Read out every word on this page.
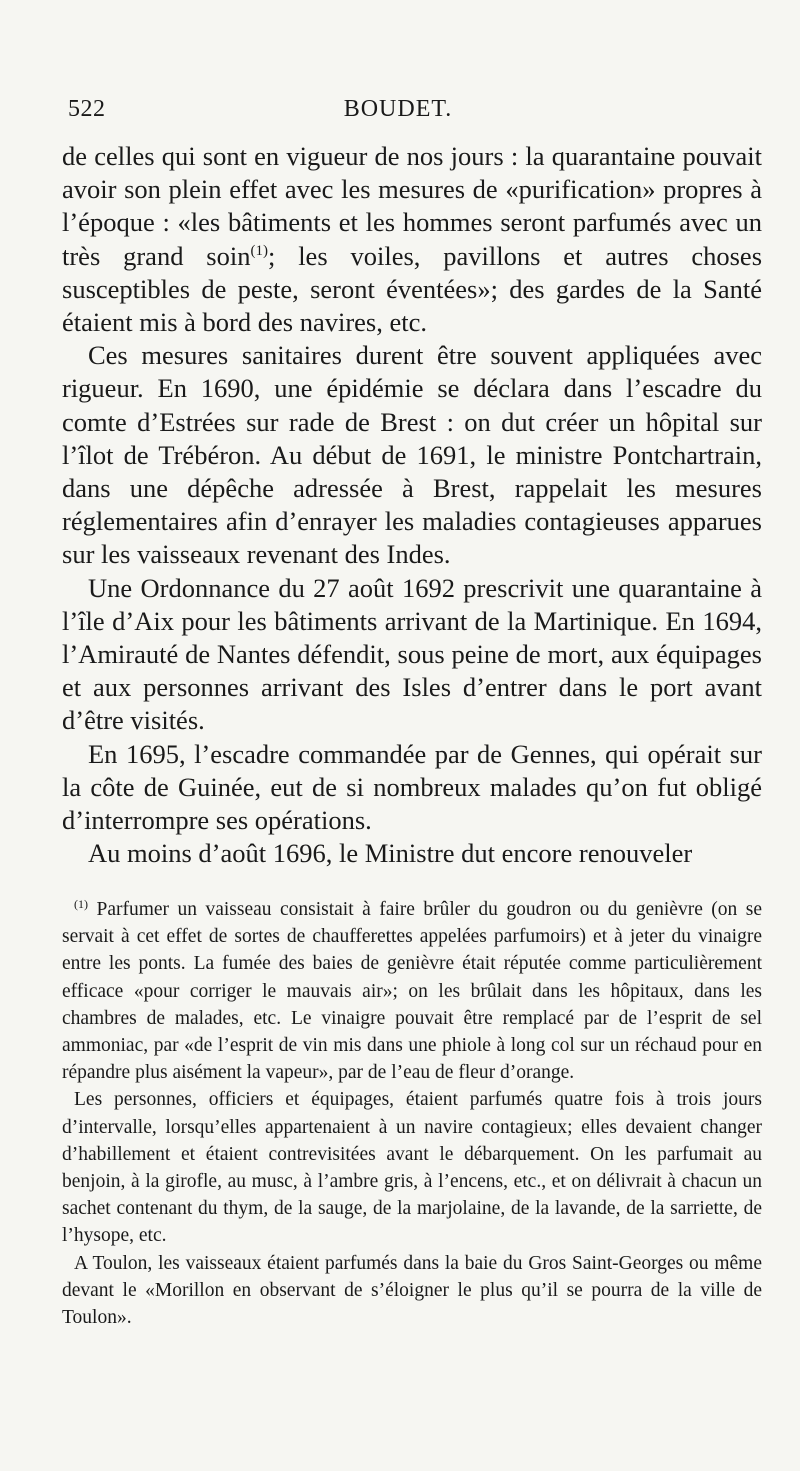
522	BOUDET.

de celles qui sont en vigueur de nos jours : la quarantaine pouvait avoir son plein effet avec les mesures de «purification» propres à l’époque : «les bâtiments et les hommes seront parfumés avec un très grand soin$^{(1)}$; les voiles, pavillons et autres choses susceptibles de peste, seront éventées»; des gardes de la Santé étaient mis à bord des navires, etc.

Ces mesures sanitaires durent être souvent appliquées avec rigueur. En 1690, une épidémie se déclara dans l’escadre du comte d’Estrées sur rade de Brest : on dut créer un hôpital sur l’îlot de Trébéron. Au début de 1691, le ministre Pontchartrain, dans une dépêche adressée à Brest, rappelait les mesures réglementaires afin d’enrayer les maladies contagieuses apparues sur les vaisseaux revenant des Indes.

Une Ordonnance du 27 août 1692 prescrivit une quarantaine à l’île d’Aix pour les bâtiments arrivant de la Martinique. En 1694, l’Amirauté de Nantes défendit, sous peine de mort, aux équipages et aux personnes arrivant des Isles d’entrer dans le port avant d’être visités.

En 1695, l’escadre commandée par de Gennes, qui opérait sur la côte de Guinée, eut de si nombreux malades qu’on fut obligé d’interrompre ses opérations.

Au moins d’août 1696, le Ministre dut encore renouveler

$^{(1)}$ Parfumer un vaisseau consistait à faire brûler du goudron ou du genièvre (on se servait à cet effet de sortes de chaufferettes appelées parfumoirs) et à jeter du vinaigre entre les ponts. La fumée des baies de genièvre était réputée comme particulièrement efficace «pour corriger le mauvais air»; on les brûlait dans les hôpitaux, dans les chambres de malades, etc. Le vinaigre pouvait être remplacé par de l’esprit de sel ammoniac, par «de l’esprit de vin mis dans une phiole à long col sur un réchaud pour en répandre plus aisément la vapeur», par de l’eau de fleur d’orange.

Les personnes, officiers et équipages, étaient parfumés quatre fois à trois jours d’intervalle, lorsqu’elles appartenaient à un navire contagieux; elles devaient changer d’habillement et étaient contrevisitées avant le débarquement. On les parfumait au benjoin, à la girofle, au musc, à l’ambre gris, à l’encens, etc., et on délivrait à chacun un sachet contenant du thym, de la sauge, de la marjolaine, de la lavande, de la sarriette, de l’hysope, etc.

A Toulon, les vaisseaux étaient parfumés dans la baie du Gros Saint-Georges ou même devant le «Morillon en observant de s’éloigner le plus qu’il se pourra de la ville de Toulon».
